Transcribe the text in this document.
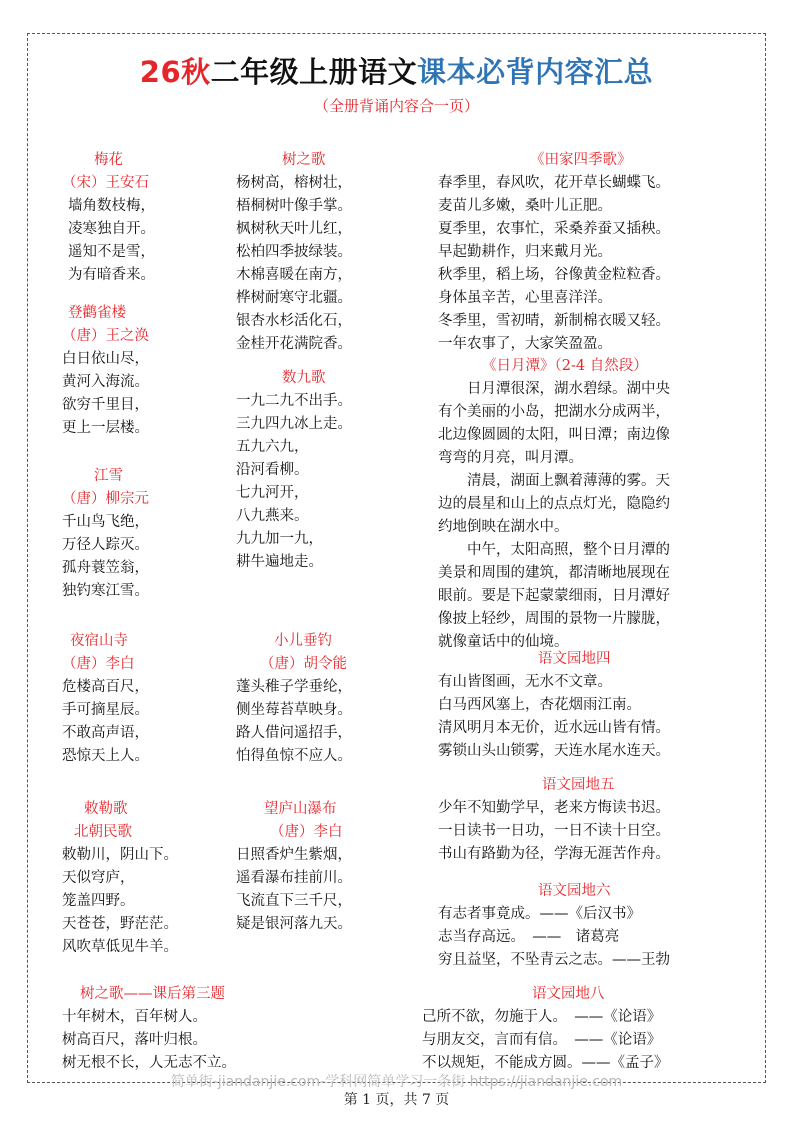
26秋二年级上册语文课本必背内容汇总
（全册背诵内容合一页）
梅花
（宋）王安石
墙角数枝梅，
凌寒独自开。
遥知不是雪，
为有暗香来。
登鹳雀楼
（唐）王之涣
白日依山尽，
黄河入海流。
欲穷千里目，
更上一层楼。
江雪
（唐）柳宗元
千山鸟飞绝，
万径人踪灭。
孤舟蓑笠翁，
独钓寒江雪。
夜宿山寺
（唐）李白
危楼高百尺，
手可摘星辰。
不敢高声语，
恐惊天上人。
敕勒歌
北朝民歌
敕勒川，阴山下。
天似穹庐，
笼盖四野。
天苍苍，野茫茫。
风吹草低见牛羊。
树之歌
杨树高，榕树壮，
梧桐树叶像手掌。
枫树秋天叶儿红，
松柏四季披绿装。
木棉喜暖在南方，
桦树耐寒守北疆。
银杏水杉活化石，
金桂开花满院香。
数九歌
一九二九不出手。
三九四九冰上走。
五九六九，
沿河看柳。
七九河开，
八九燕来。
九九加一九，
耕牛遍地走。
小儿垂钓
（唐）胡令能
蓬头稚子学垂纶，
侧坐莓苔草映身。
路人借问遥招手，
怕得鱼惊不应人。
望庐山瀑布
（唐）李白
日照香炉生紫烟，
遥看瀑布挂前川。
飞流直下三千尺，
疑是银河落九天。
《田家四季歌》
春季里，春风吹，花开草长蝴蝶飞。
麦苗儿多嫩，桑叶儿正肥。
夏季里，农事忙，采桑养蚕又插秧。
早起勤耕作，归来戴月光。
秋季里，稻上场，谷像黄金粒粒香。
身体虽辛苦，心里喜洋洋。
冬季里，雪初晴，新制棉衣暖又轻。
一年农事了，大家笑盈盈。
《日月潭》（2-4 自然段）
　　日月潭很深，湖水碧绿。湖中央
有个美丽的小岛，把湖水分成两半，
北边像圆圆的太阳，叫日潭；南边像
弯弯的月亮，叫月潭。
　　清晨，湖面上飘着薄薄的雾。天
边的晨星和山上的点点灯光，隐隐约
约地倒映在湖水中。
　　中午，太阳高照，整个日月潭的
美景和周围的建筑，都清晰地展现在
眼前。要是下起蒙蒙细雨，日月潭好
像披上轻纱，周围的景物一片朦胧，
就像童话中的仙境。
语文园地四
有山皆图画，无水不文章。
白马西风塞上，杏花烟雨江南。
清风明月本无价，近水远山皆有情。
雾锁山头山锁雾，天连水尾水连天。
语文园地五
少年不知勤学早，老来方悔读书迟。
一日读书一日功，一日不读十日空。
书山有路勤为径，学海无涯苦作舟。
语文园地六
有志者事竟成。——《后汉书》
志当存高远。　——　诸葛亮
穷且益坚，不坠青云之志。——王勃
树之歌——课后第三题
十年树木，百年树人。
树高百尺，落叶归根。
树无根不长，人无志不立。
语文园地八
己所不欲，勿施于人。　——《论语》
与朋友交，言而有信。　——《论语》
不以规矩，不能成方圆。——《孟子》
简单街-jiandanjie.com-学科网简单学习一条街 https://jiandanjie.com
第 1 页，共 7 页
